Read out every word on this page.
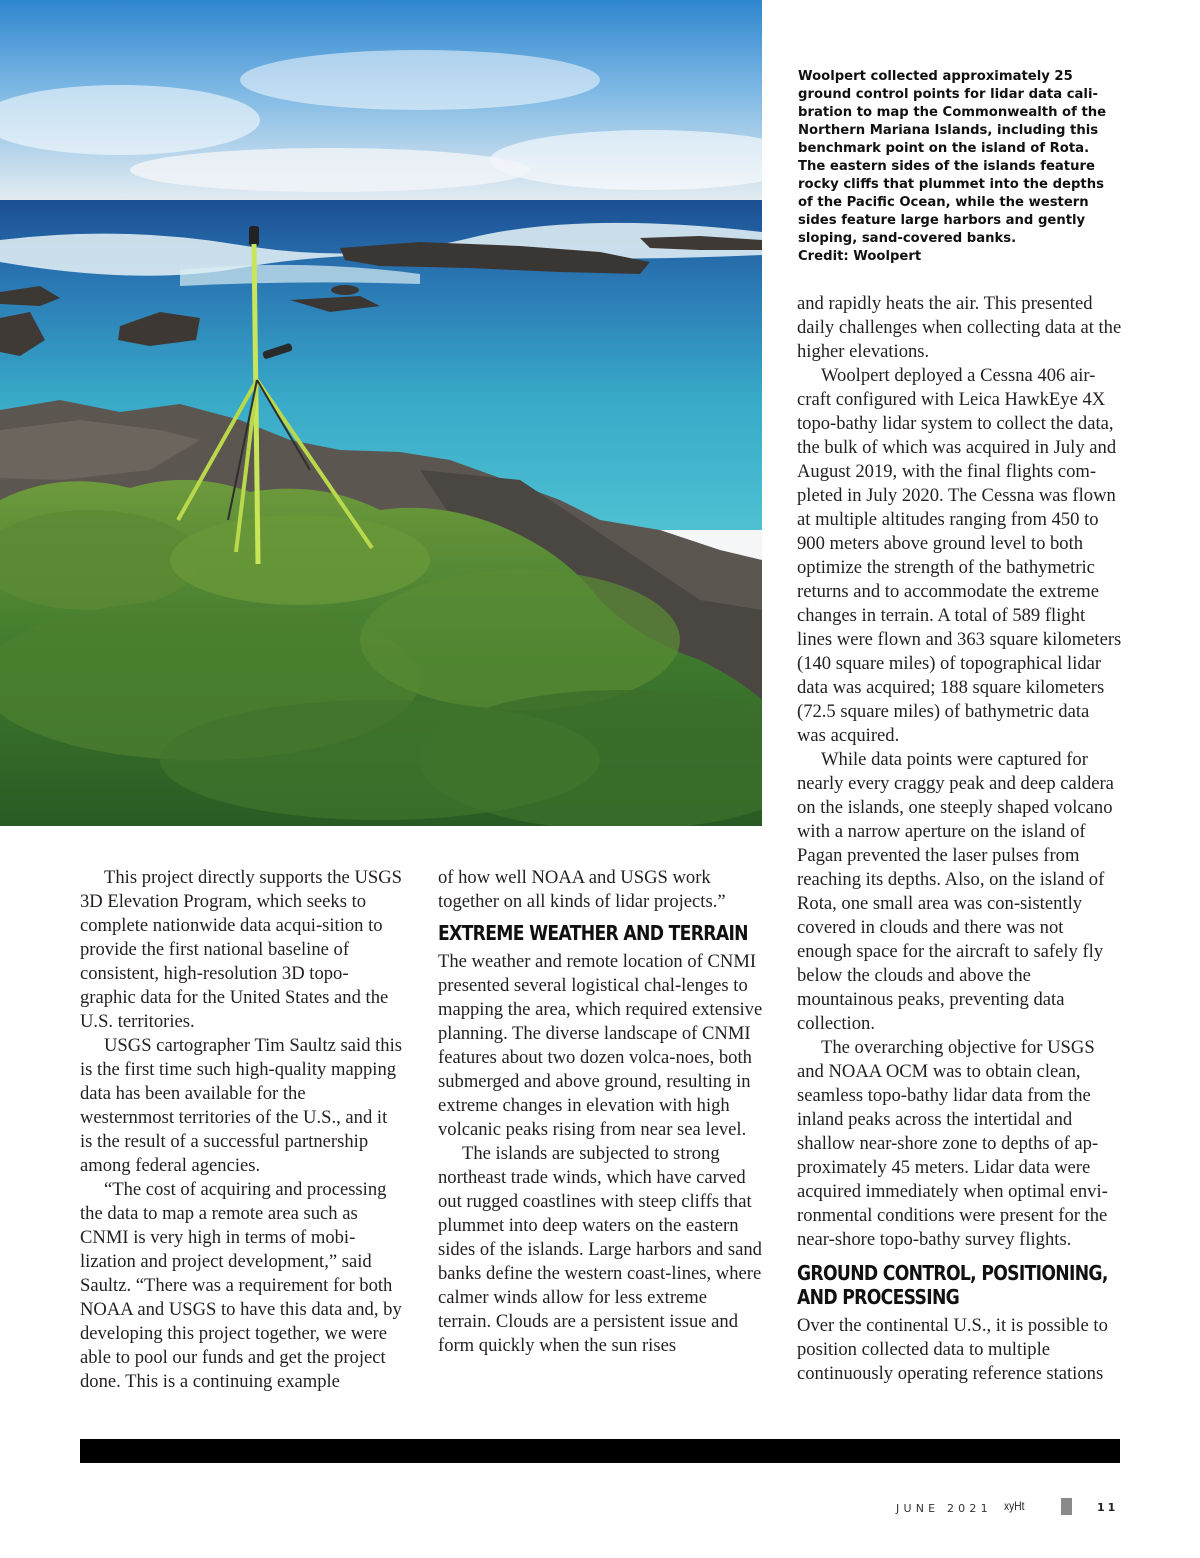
Woolpert collected approximately 25 ground control points for lidar data cali-bration to map the Commonwealth of the Northern Mariana Islands, including this benchmark point on the island of Rota. The eastern sides of the islands feature rocky cliffs that plummet into the depths of the Pacific Ocean, while the western sides feature large harbors and gently sloping, sand-covered banks.

Credit: Woolpert

This project directly supports the USGS 3D Elevation Program, which seeks to complete nationwide data acqui-sition to provide the first national baseline of consistent, high-resolution 3D topo-graphic data for the United States and the U.S. territories.

USGS cartographer Tim Saultz said this is the first time such high-quality mapping data has been available for the westernmost territories of the U.S., and it is the result of a successful partnership among federal agencies.

“The cost of acquiring and processing the data to map a remote area such as CNMI is very high in terms of mobi-lization and project development,” said Saultz. “There was a requirement for both NOAA and USGS to have this data and, by developing this project together, we were able to pool our funds and get the project done. This is a continuing example

of how well NOAA and USGS work together on all kinds of lidar projects.”

EXTREME WEATHER AND TERRAIN

The weather and remote location of CNMI presented several logistical chal-lenges to mapping the area, which required extensive planning. The diverse landscape of CNMI features about two dozen volca-noes, both submerged and above ground, resulting in extreme changes in elevation with high volcanic peaks rising from near sea level.

The islands are subjected to strong northeast trade winds, which have carved out rugged coastlines with steep cliffs that plummet into deep waters on the eastern sides of the islands. Large harbors and sand banks define the western coast-lines, where calmer winds allow for less extreme terrain. Clouds are a persistent issue and form quickly when the sun rises

and rapidly heats the air. This presented daily challenges when collecting data at the higher elevations.

Woolpert deployed a Cessna 406 air-craft configured with Leica HawkEye 4X topo-bathy lidar system to collect the data, the bulk of which was acquired in July and August 2019, with the final flights com-pleted in July 2020. The Cessna was flown at multiple altitudes ranging from 450 to 900 meters above ground level to both optimize the strength of the bathymetric returns and to accommodate the extreme changes in terrain. A total of 589 flight lines were flown and 363 square kilometers (140 square miles) of topographical lidar data was acquired; 188 square kilometers (72.5 square miles) of bathymetric data was acquired.

While data points were captured for nearly every craggy peak and deep caldera on the islands, one steeply shaped volcano with a narrow aperture on the island of Pagan prevented the laser pulses from reaching its depths. Also, on the island of Rota, one small area was con-sistently covered in clouds and there was not enough space for the aircraft to safely fly below the clouds and above the mountainous peaks, preventing data collection.

The overarching objective for USGS and NOAA OCM was to obtain clean, seamless topo-bathy lidar data from the inland peaks across the intertidal and shallow near-shore zone to depths of ap-proximately 45 meters. Lidar data were acquired immediately when optimal envi-ronmental conditions were present for the near-shore topo-bathy survey flights.

GROUND CONTROL, POSITIONING,
AND PROCESSING

Over the continental U.S., it is possible to position collected data to multiple continuously operating reference stations

JUNE 2021 xyHt	11
